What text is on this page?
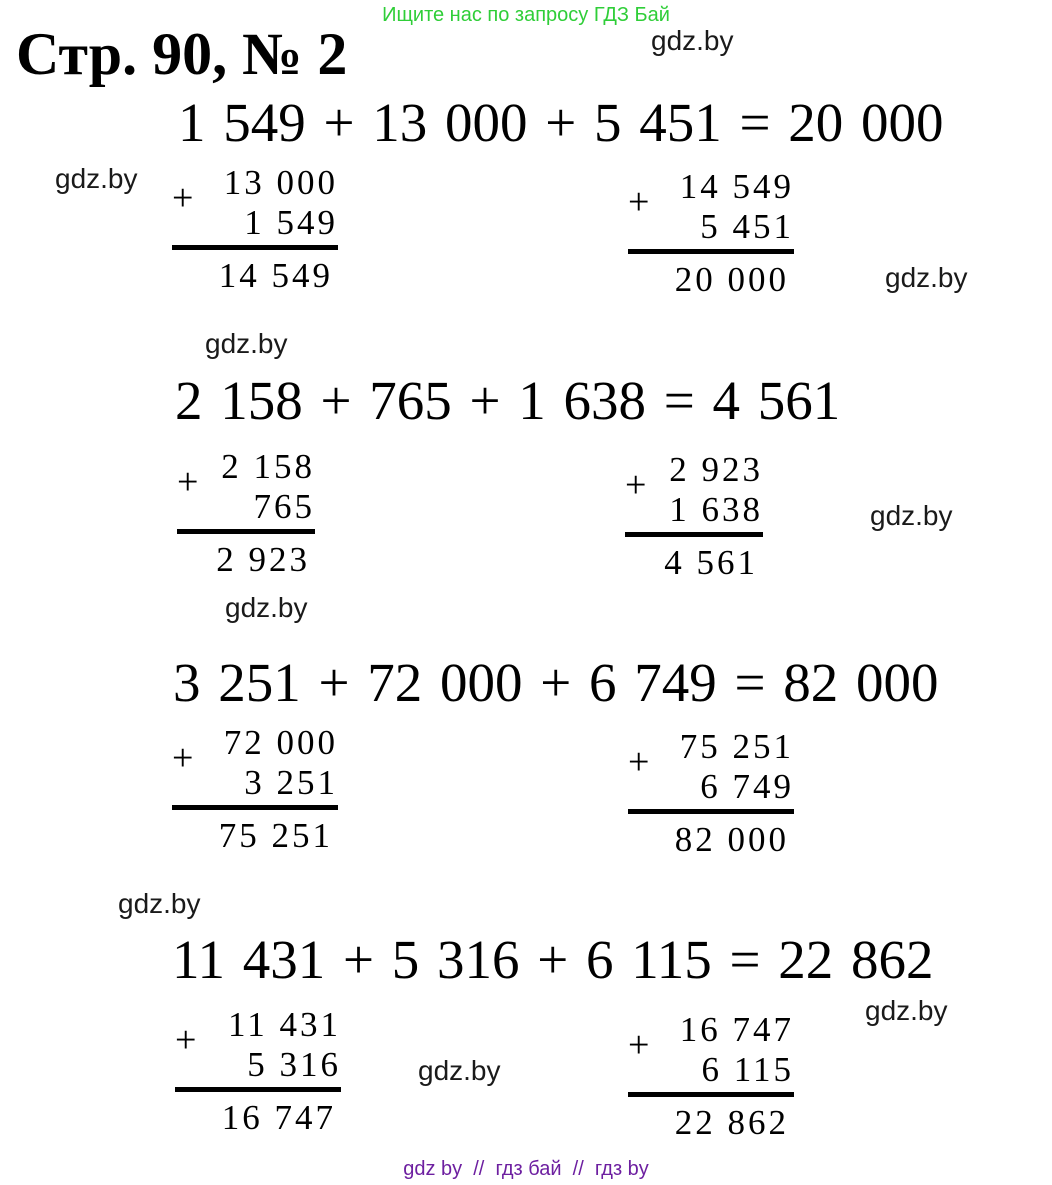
Ищите нас по запросу ГДЗ Бай
gdz.by
gdz.by
gdz.by
gdz.by
gdz.by
gdz.by
gdz.by
gdz.by
gdz.by
Стр. 90, № 2
1 549 + 13 000 + 5 451 = 20 000
+ 13 000
1 549
14 549
+ 14 549
5 451
20 000
2 158 + 765 + 1 638 = 4 561
+ 2 158
765
2 923
+ 2 923
1 638
4 561
3 251 + 72 000 + 6 749 = 82 000
+ 72 000
3 251
75 251
+ 75 251
6 749
82 000
11 431 + 5 316 + 6 115 = 22 862
+ 11 431
5 316
16 747
+ 16 747
6 115
22 862
gdz by  //  гдз бай  //  гдз by
